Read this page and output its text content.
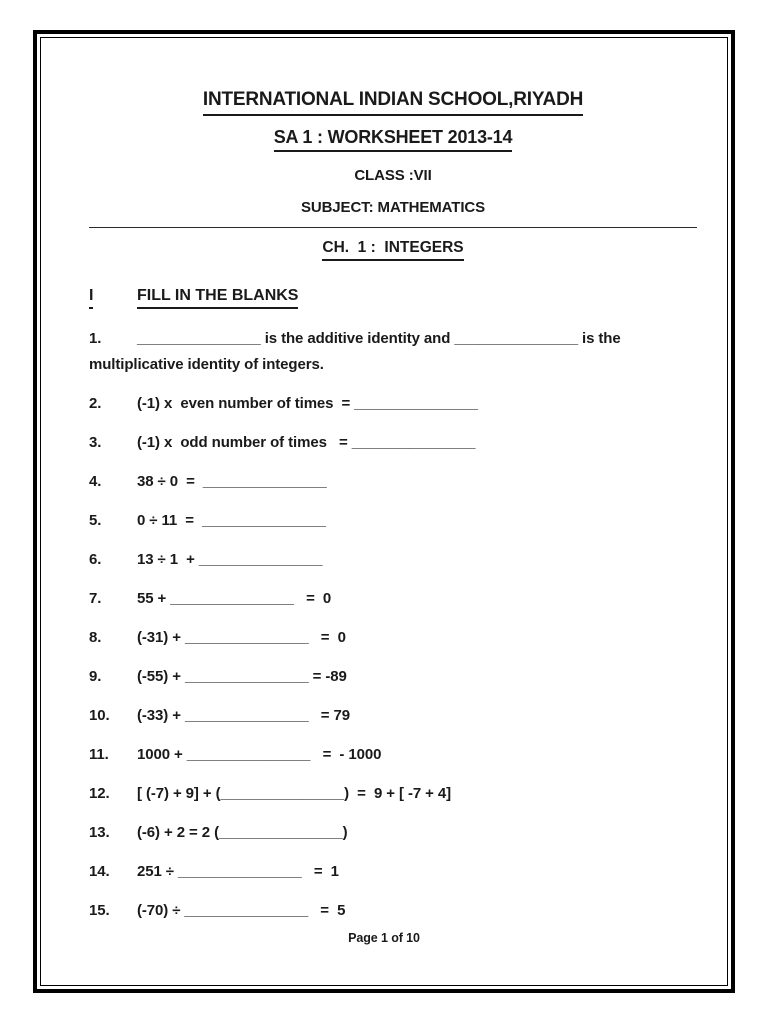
INTERNATIONAL INDIAN SCHOOL,RIYADH
SA 1 : WORKSHEET 2013-14
CLASS :VII
SUBJECT: MATHEMATICS
CH.  1 :  INTEGERS
I	FILL IN THE BLANKS
1. _______________ is the additive identity and _______________ is the multiplicative identity of integers.
2. (-1) x  even number of times  = _______________
3. (-1) x  odd number of times   = _______________
4. 38 ÷ 0  =  _______________
5. 0 ÷ 11  =  _______________
6. 13 ÷ 1  + _______________
7. 55 + _______________   =  0
8. (-31) + _______________   =  0
9. (-55) + _______________ = -89
10. (-33) + _______________   = 79
11. 1000 + _______________   =  - 1000
12. [ (-7) + 9] + (_______________)  =  9 + [ -7 + 4]
13. (-6) + 2 = 2 (_______________)
14. 251 ÷ _______________   =  1
15. (-70) ÷ _______________   =  5
Page 1 of 10
